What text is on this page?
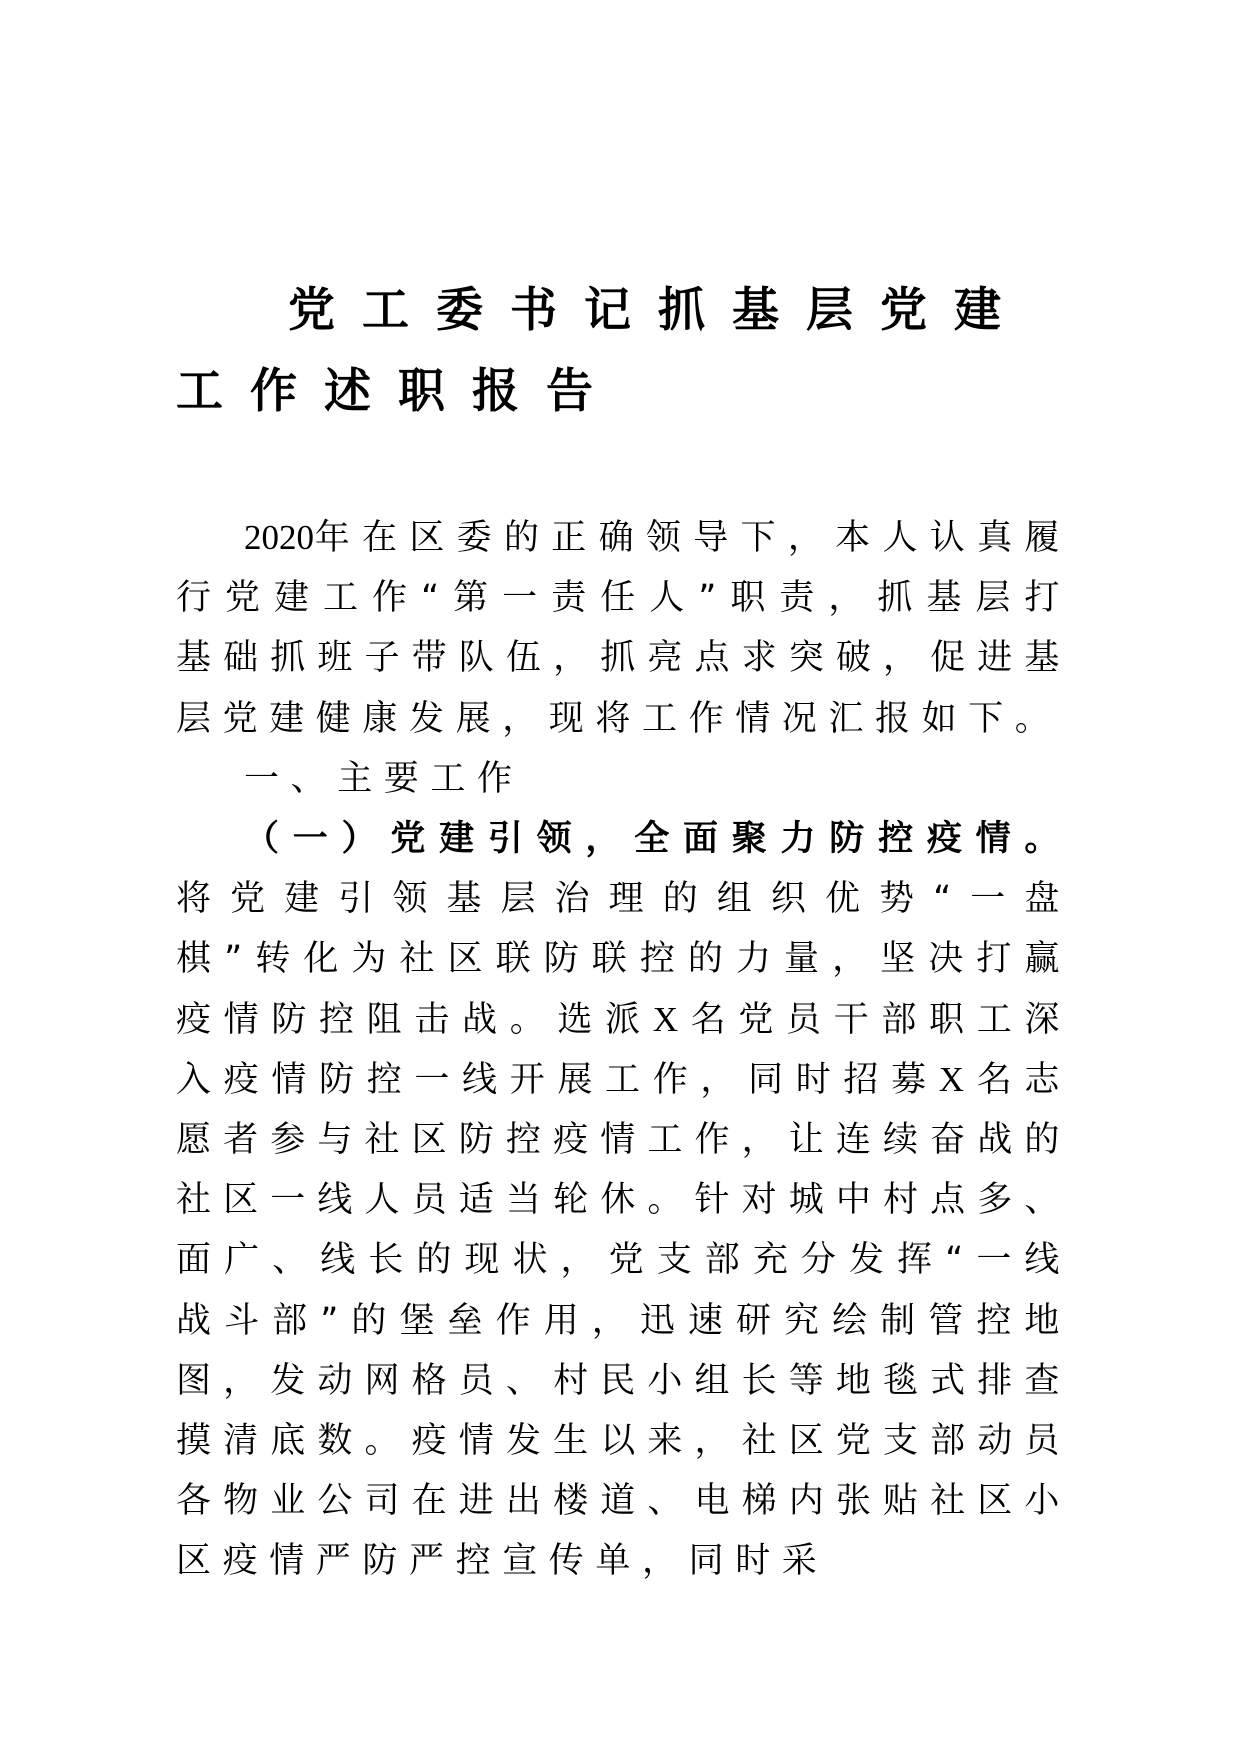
党工委书记抓基层党建工作述职报告

2020年在区委的正确领导下，本人认真履行党建工作“第一责任人”职责，抓基层打基础抓班子带队伍，抓亮点求突破，促进基层党建健康发展，现将工作情况汇报如下。

一、主要工作

（一）党建引领，全面聚力防控疫情。将党建引领基层治理的组织优势“一盘棋”转化为社区联防联控的力量，坚决打赢疫情防控阻击战。选派X名党员干部职工深入疫情防控一线开展工作，同时招募X名志愿者参与社区防控疫情工作，让连续奋战的社区一线人员适当轮休。针对城中村点多、面广、线长的现状，党支部充分发挥“一线战斗部”的堡垒作用，迅速研究绘制管控地图，发动网格员、村民小组长等地毯式排查摸清底数。疫情发生以来，社区党支部动员各物业公司在进出楼道、电梯内张贴社区小区疫情严防严控宣传单，同时采
